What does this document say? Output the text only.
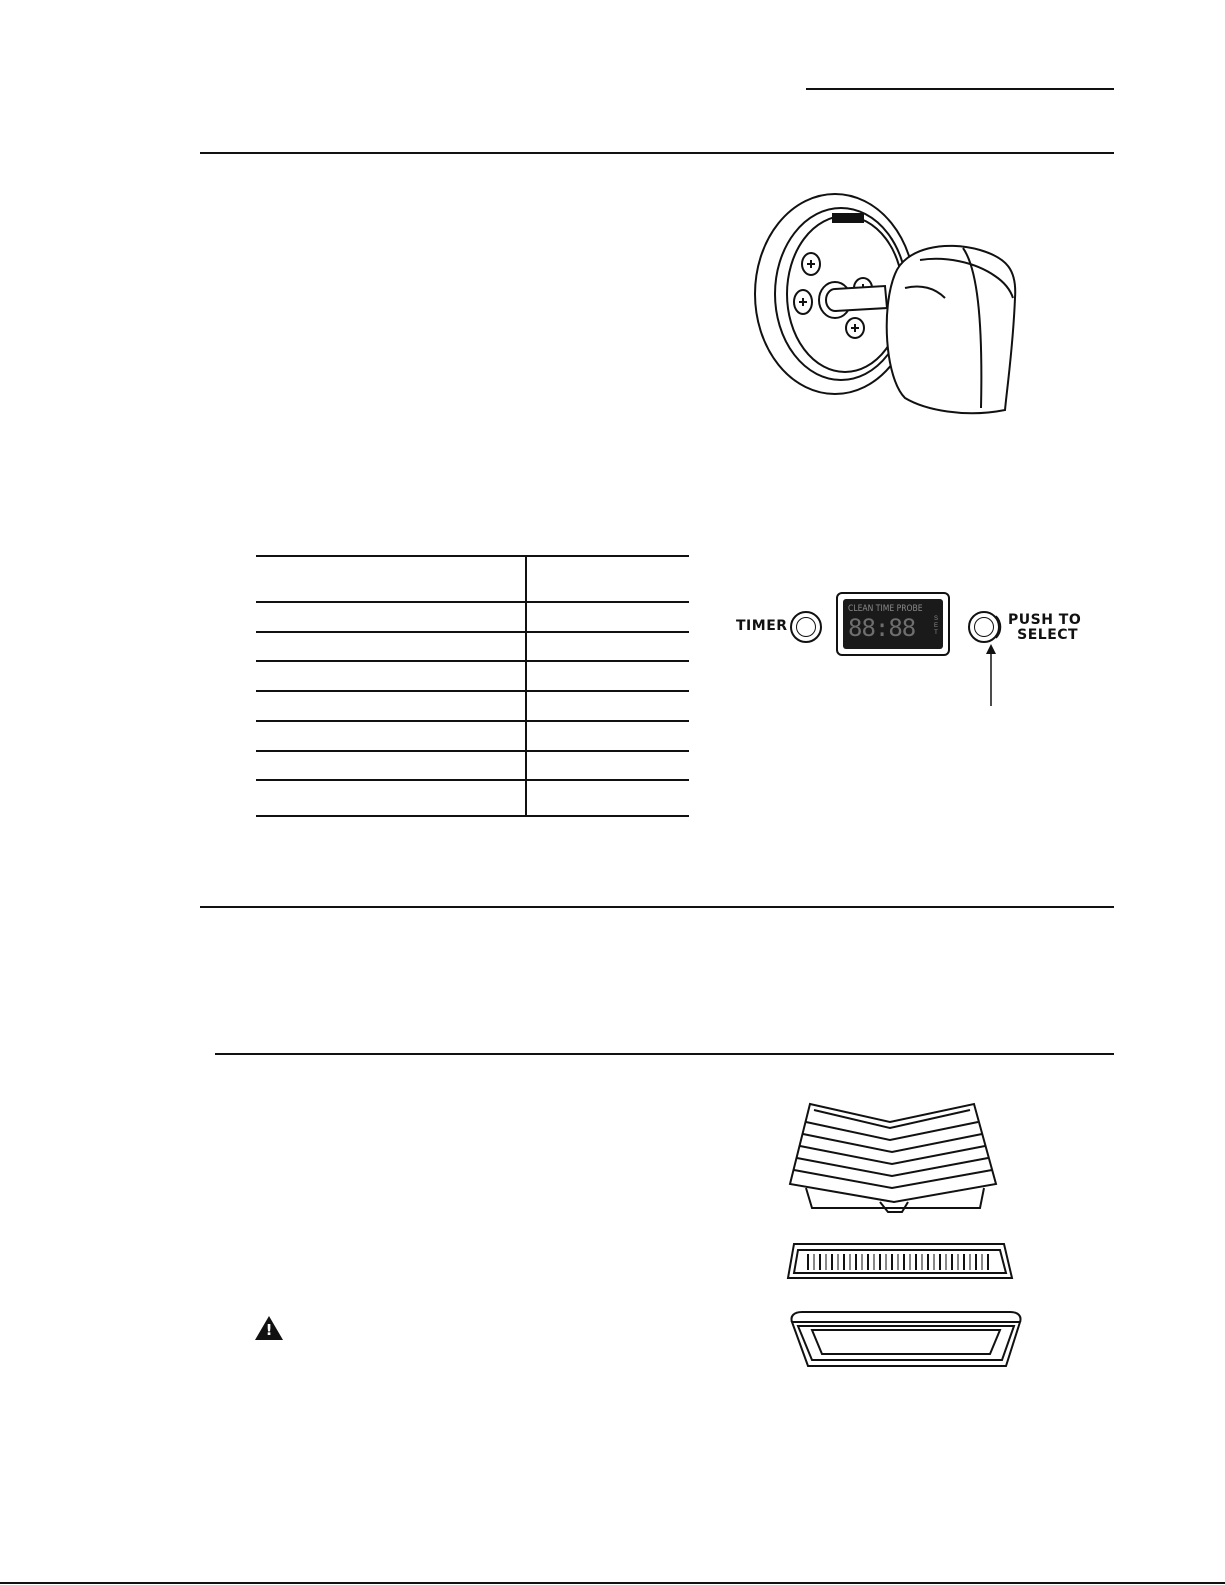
TIMER
CLEAN TIME PROBE
88:88	S E T
PUSH TO
SELECT
!
